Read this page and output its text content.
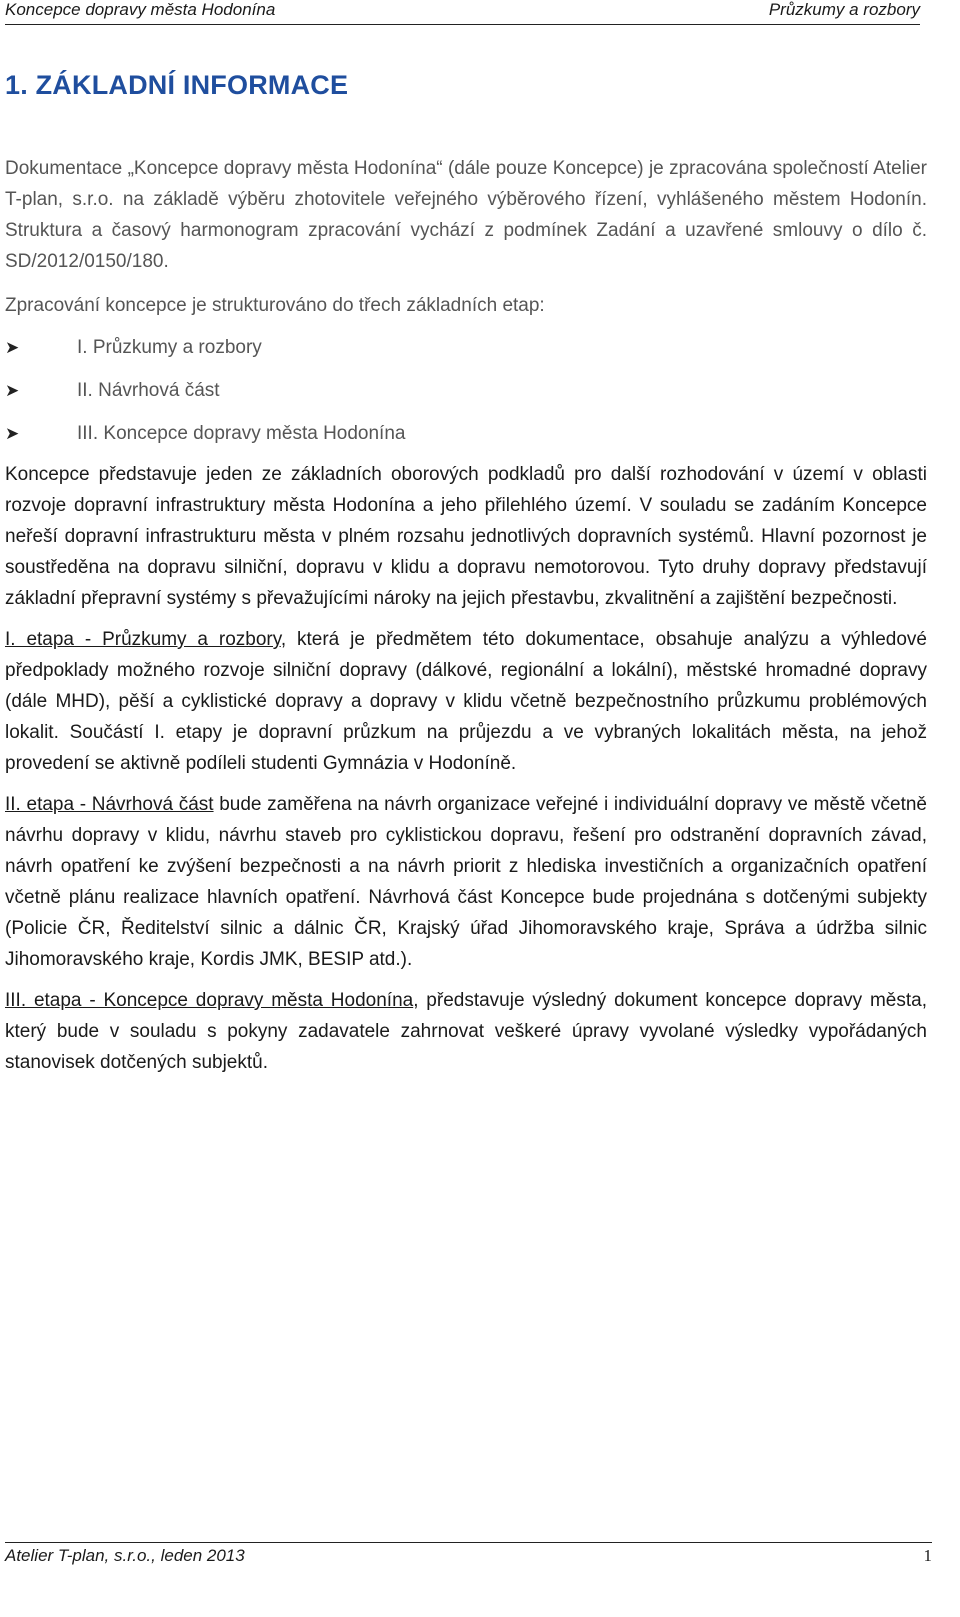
Koncepce dopravy města Hodonína	Průzkumy a rozbory
1. ZÁKLADNÍ INFORMACE

Dokumentace „Koncepce dopravy města Hodonína“ (dále pouze Koncepce) je zpracována společností Atelier T-plan, s.r.o. na základě výběru zhotovitele veřejného výběrového řízení, vyhlášeného městem Hodonín. Struktura a časový harmonogram zpracování vychází z podmínek Zadání a uzavřené smlouvy o dílo č. SD/2012/0150/180.

Zpracování koncepce je strukturováno do třech základních etap:

➤	I. Průzkumy a rozbory
➤	II. Návrhová část
➤	III. Koncepce dopravy města Hodonína

Koncepce představuje jeden ze základních oborových podkladů pro další rozhodování v území v oblasti rozvoje dopravní infrastruktury města Hodonína a jeho přilehlého území. V souladu se zadáním Koncepce neřeší dopravní infrastrukturu města v plném rozsahu jednotlivých dopravních systémů. Hlavní pozornost je soustředěna na dopravu silniční, dopravu v klidu a dopravu nemotorovou. Tyto druhy dopravy představují základní přepravní systémy s převažujícími nároky na jejich přestavbu, zkvalitnění a zajištění bezpečnosti.

I. etapa - Průzkumy a rozbory, která je předmětem této dokumentace, obsahuje analýzu a výhledové předpoklady možného rozvoje silniční dopravy (dálkové, regionální a lokální), městské hromadné dopravy (dále MHD), pěší a cyklistické dopravy a dopravy v klidu včetně bezpečnostního průzkumu problémových lokalit. Součástí I. etapy je dopravní průzkum na průjezdu a ve vybraných lokalitách města, na jehož provedení se aktivně podíleli studenti Gymnázia v Hodoníně.

II. etapa - Návrhová část bude zaměřena na návrh organizace veřejné i individuální dopravy ve městě včetně návrhu dopravy v klidu, návrhu staveb pro cyklistickou dopravu, řešení pro odstranění dopravních závad, návrh opatření ke zvýšení bezpečnosti a na návrh priorit z hlediska investičních a organizačních opatření včetně plánu realizace hlavních opatření. Návrhová část Koncepce bude projednána s dotčenými subjekty (Policie ČR, Ředitelství silnic a dálnic ČR, Krajský úřad Jihomoravského kraje, Správa a údržba silnic Jihomoravského kraje, Kordis JMK, BESIP atd.).

III. etapa - Koncepce dopravy města Hodonína, představuje výsledný dokument koncepce dopravy města, který bude v souladu s pokyny zadavatele zahrnovat veškeré úpravy vyvolané výsledky vypořádaných stanovisek dotčených subjektů.

Atelier T-plan, s.r.o., leden 2013	1
